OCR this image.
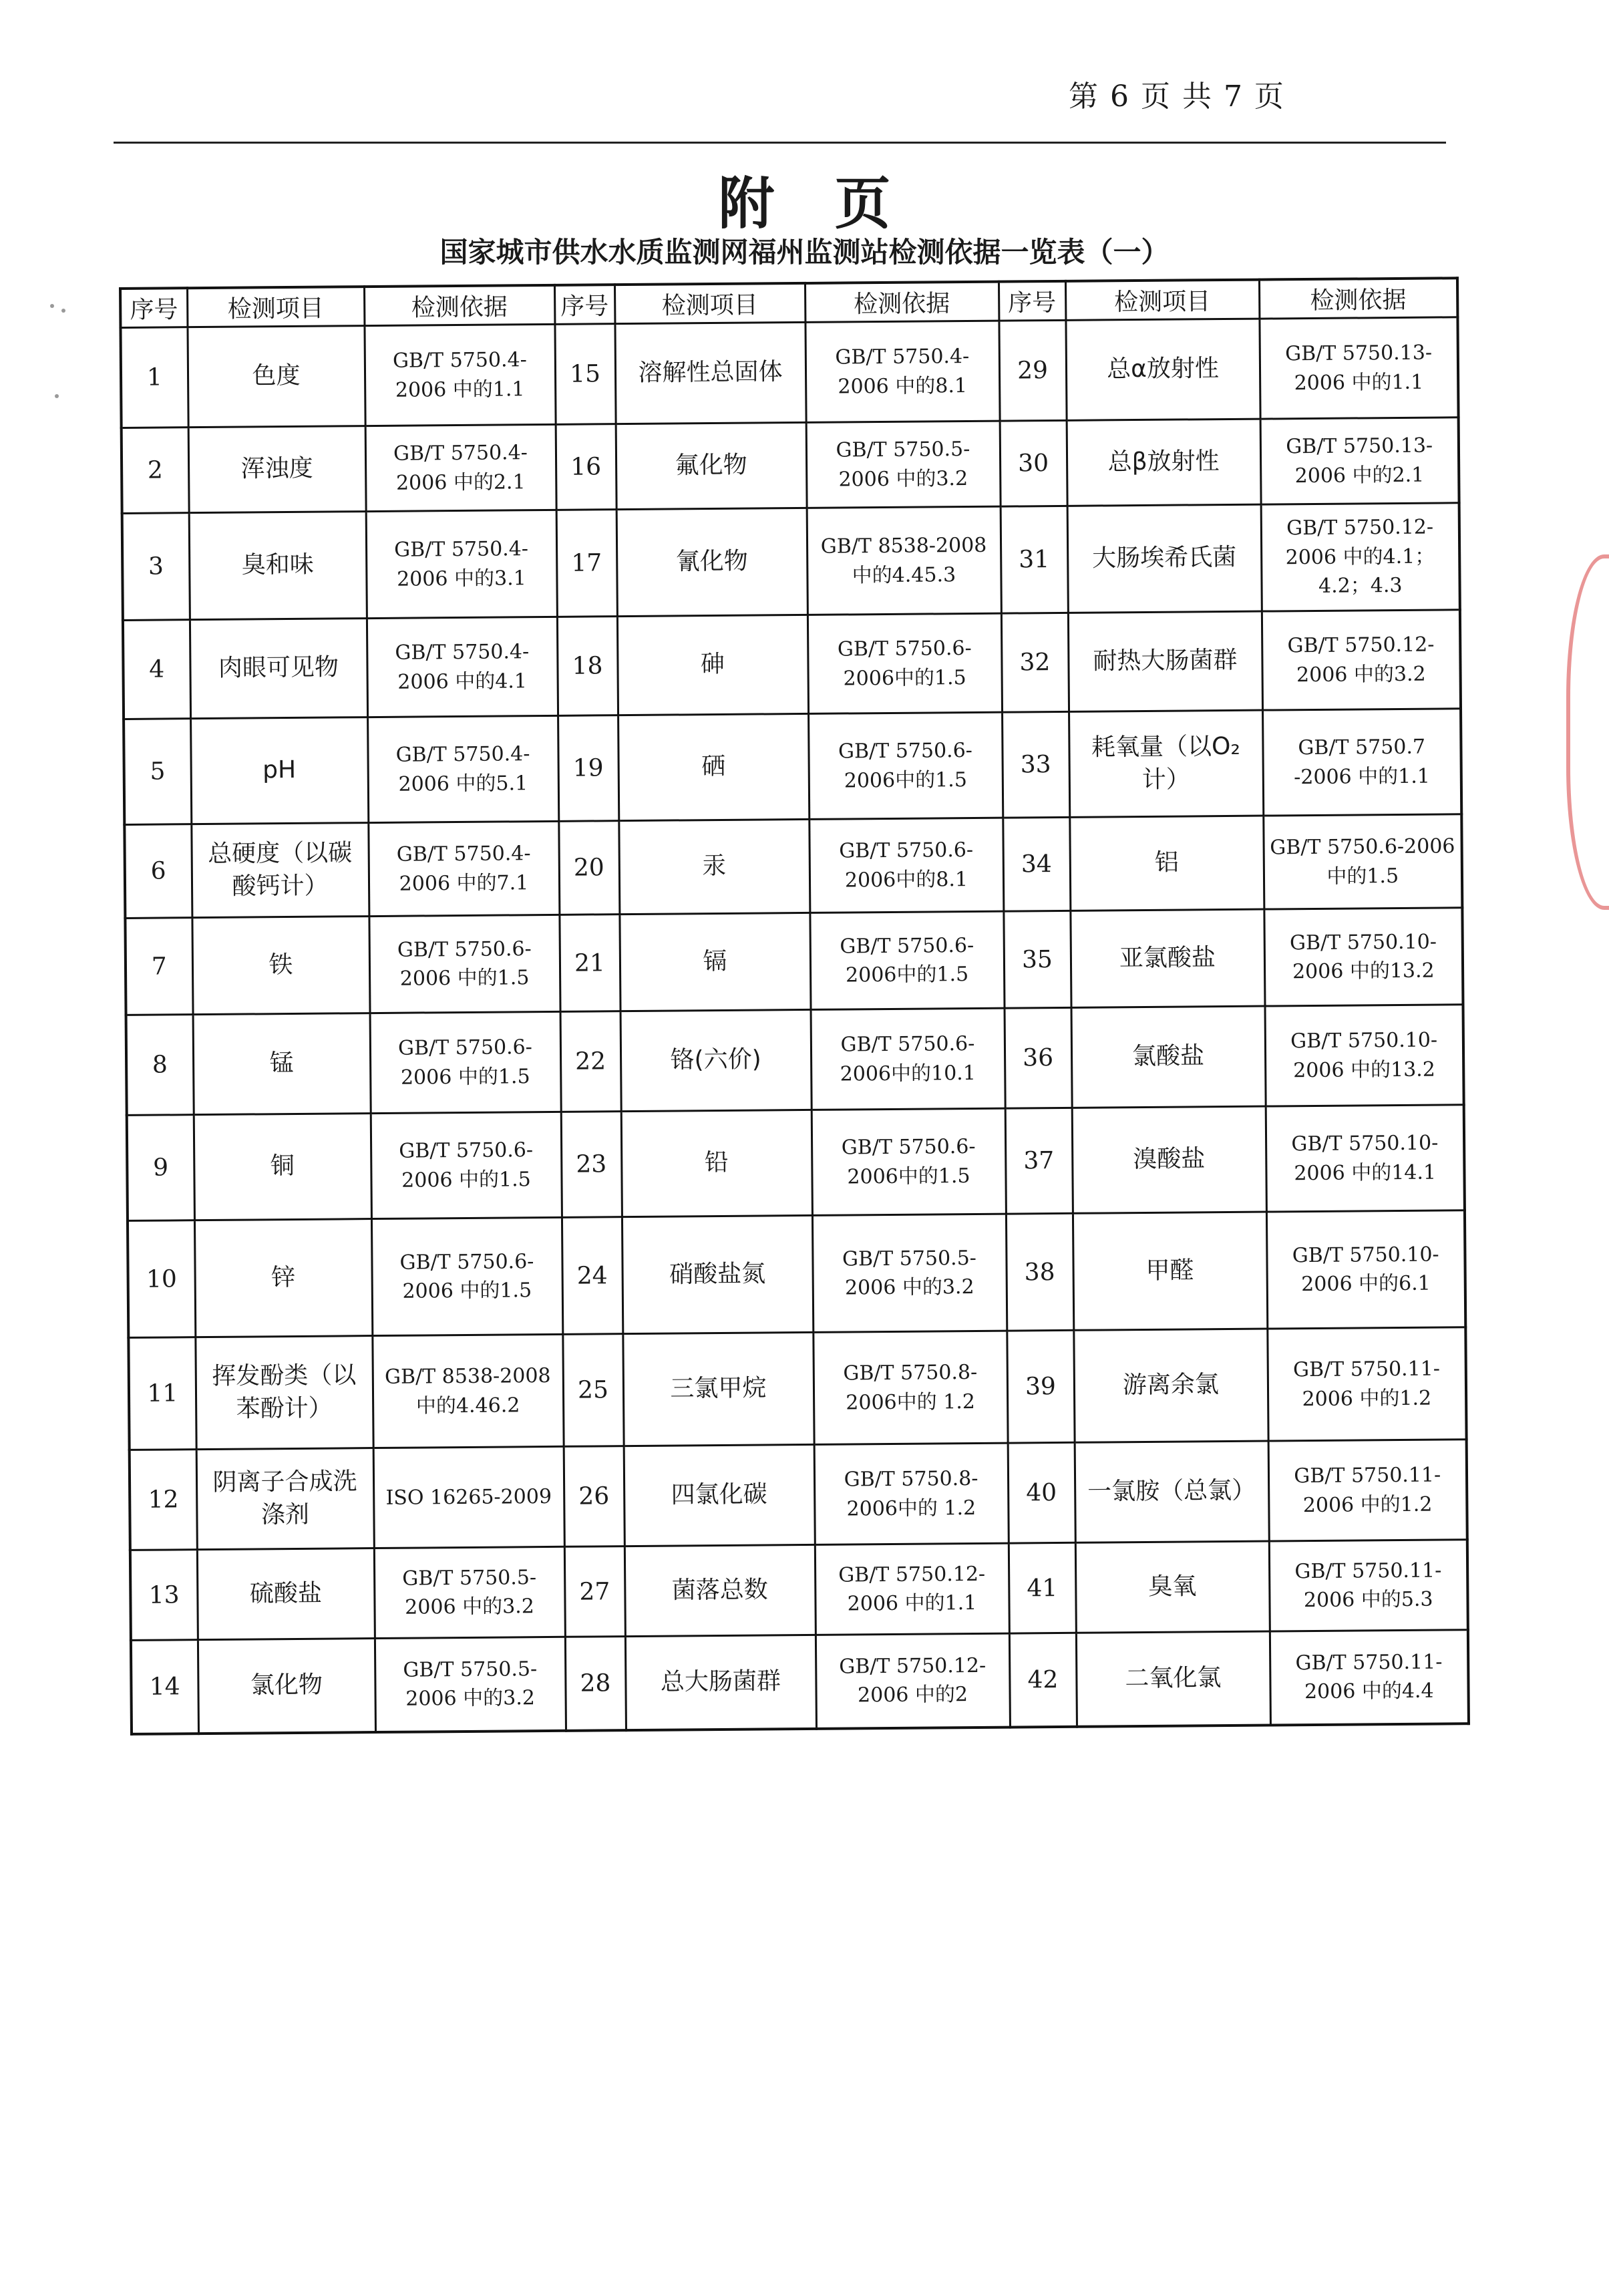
第 6 页 共 7 页
附页
国家城市供水水质监测网福州监测站检测依据一览表（一）
序号	检测项目	检测依据	序号	检测项目	检测依据	序号	检测项目	检测依据
1	色度	GB/T 5750.4-2006 中的1.1	15	溶解性总固体	GB/T 5750.4-2006 中的8.1	29	总α放射性	GB/T 5750.13-2006 中的1.1
2	浑浊度	GB/T 5750.4-2006 中的2.1	16	氟化物	GB/T 5750.5-2006 中的3.2	30	总β放射性	GB/T 5750.13-2006 中的2.1
3	臭和味	GB/T 5750.4-2006 中的3.1	17	氰化物	GB/T 8538-2008中的4.45.3	31	大肠埃希氏菌	GB/T 5750.12-2006 中的4.1；4.2；4.3
4	肉眼可见物	GB/T 5750.4-2006 中的4.1	18	砷	GB/T 5750.6-2006中的1.5	32	耐热大肠菌群	GB/T 5750.12-2006 中的3.2
5	pH	GB/T 5750.4-2006 中的5.1	19	硒	GB/T 5750.6-2006中的1.5	33	耗氧量（以O₂计）	GB/T 5750.7 -2006 中的1.1
6	总硬度（以碳酸钙计）	GB/T 5750.4-2006 中的7.1	20	汞	GB/T 5750.6-2006中的8.1	34	铝	GB/T 5750.6-2006 中的1.5
7	铁	GB/T 5750.6-2006 中的1.5	21	镉	GB/T 5750.6-2006中的1.5	35	亚氯酸盐	GB/T 5750.10-2006 中的13.2
8	锰	GB/T 5750.6-2006 中的1.5	22	铬(六价)	GB/T 5750.6-2006中的10.1	36	氯酸盐	GB/T 5750.10-2006 中的13.2
9	铜	GB/T 5750.6-2006 中的1.5	23	铅	GB/T 5750.6-2006中的1.5	37	溴酸盐	GB/T 5750.10-2006 中的14.1
10	锌	GB/T 5750.6-2006 中的1.5	24	硝酸盐氮	GB/T 5750.5-2006 中的3.2	38	甲醛	GB/T 5750.10-2006 中的6.1
11	挥发酚类（以苯酚计）	GB/T 8538-2008 中的4.46.2	25	三氯甲烷	GB/T 5750.8-2006中的 1.2	39	游离余氯	GB/T 5750.11-2006 中的1.2
12	阴离子合成洗涤剂	ISO 16265-2009	26	四氯化碳	GB/T 5750.8-2006中的 1.2	40	一氯胺（总氯）	GB/T 5750.11-2006 中的1.2
13	硫酸盐	GB/T 5750.5-2006 中的3.2	27	菌落总数	GB/T 5750.12-2006 中的1.1	41	臭氧	GB/T 5750.11-2006 中的5.3
14	氯化物	GB/T 5750.5-2006 中的3.2	28	总大肠菌群	GB/T 5750.12-2006 中的2	42	二氧化氯	GB/T 5750.11-2006 中的4.4
